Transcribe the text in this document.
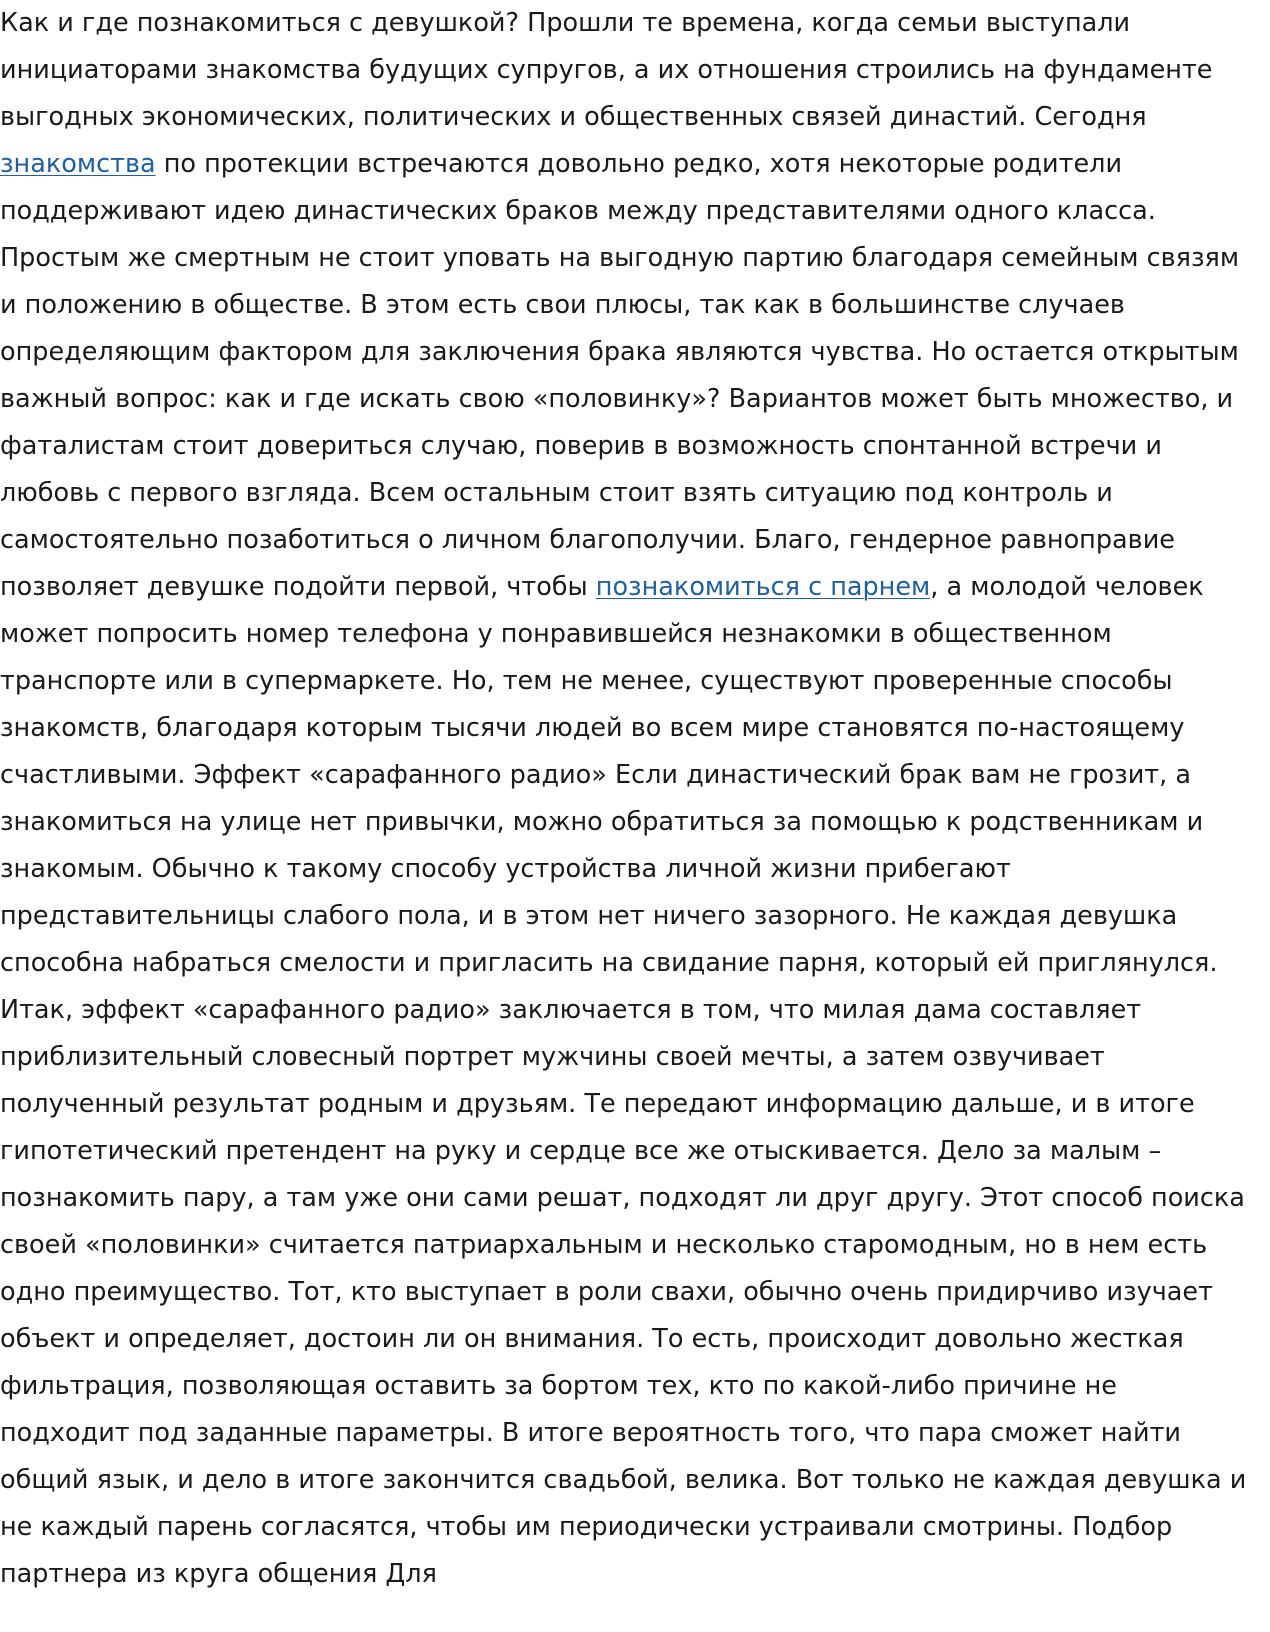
Как и где познакомиться с девушкой? Прошли те времена, когда семьи выступали
инициаторами знакомства будущих супругов, а их отношения строились на фундаменте
выгодных экономических, политических и общественных связей династий. Сегодня
знакомства по протекции встречаются довольно редко, хотя некоторые родители
поддерживают идею династических браков между представителями одного класса.
Простым же смертным не стоит уповать на выгодную партию благодаря семейным связям
и положению в обществе. В этом есть свои плюсы, так как в большинстве случаев
определяющим фактором для заключения брака являются чувства. Но остается открытым
важный вопрос: как и где искать свою «половинку»? Вариантов может быть множество, и
фаталистам стоит довериться случаю, поверив в возможность спонтанной встречи и
любовь с первого взгляда. Всем остальным стоит взять ситуацию под контроль и
самостоятельно позаботиться о личном благополучии. Благо, гендерное равноправие
позволяет девушке подойти первой, чтобы познакомиться с парнем, а молодой человек
может попросить номер телефона у понравившейся незнакомки в общественном
транспорте или в супермаркете. Но, тем не менее, существуют проверенные способы
знакомств, благодаря которым тысячи людей во всем мире становятся по-настоящему
счастливыми. Эффект «сарафанного радио» Если династический брак вам не грозит, а
знакомиться на улице нет привычки, можно обратиться за помощью к родственникам и
знакомым. Обычно к такому способу устройства личной жизни прибегают
представительницы слабого пола, и в этом нет ничего зазорного. Не каждая девушка
способна набраться смелости и пригласить на свидание парня, который ей приглянулся.
Итак, эффект «сарафанного радио» заключается в том, что милая дама составляет
приблизительный словесный портрет мужчины своей мечты, а затем озвучивает
полученный результат родным и друзьям. Те передают информацию дальше, и в итоге
гипотетический претендент на руку и сердце все же отыскивается. Дело за малым –
познакомить пару, а там уже они сами решат, подходят ли друг другу. Этот способ поиска
своей «половинки» считается патриархальным и несколько старомодным, но в нем есть
одно преимущество. Тот, кто выступает в роли свахи, обычно очень придирчиво изучает
объект и определяет, достоин ли он внимания. То есть, происходит довольно жесткая
фильтрация, позволяющая оставить за бортом тех, кто по какой-либо причине не
подходит под заданные параметры. В итоге вероятность того, что пара сможет найти
общий язык, и дело в итоге закончится свадьбой, велика. Вот только не каждая девушка и
не каждый парень согласятся, чтобы им периодически устраивали смотрины. Подбор
партнера из круга общения Для
